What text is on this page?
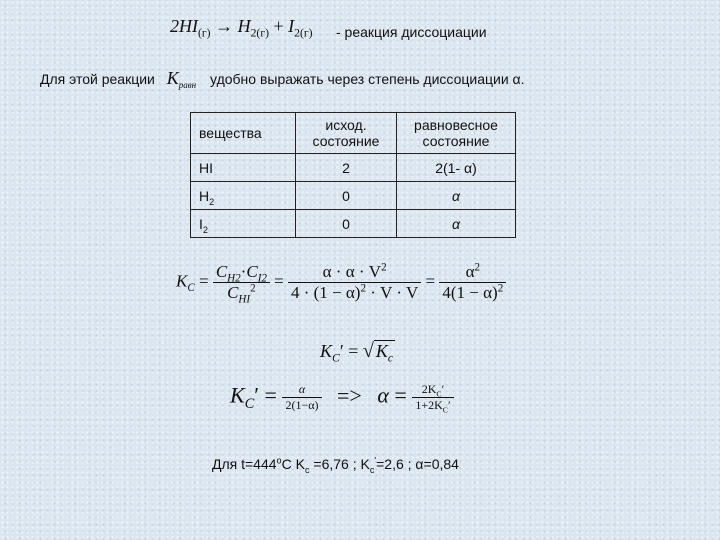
$2HI_{(г)} \to H_{2(г)} + I_{2(г)}$ - реакция диссоциации
Для этой реакции $K_{равн}$ удобно выражать через степень диссоциации α.
вещества	исход. состояние	равновесное состояние
HI	2	2(1- α)
$H_2$	0	α
$I_2$	0	α
$K_C = \frac{C_{H2}\cdot C_{I2}}{C_{HI}^2} = \frac{\alpha \cdot \alpha \cdot V^2}{4 \cdot (1 - \alpha)^2 \cdot V \cdot V} = \frac{\alpha^2}{4(1 - \alpha)^2}$
$K_C'$ = √ $K_c$
$K_C' = \frac{\alpha}{2(1-\alpha)} => \alpha = \frac{2K_C'}{1+2K_C'}$
Для $t=444^oC$ $K_c =6,76$ ; $K_c'=2,6$ ; α=0,84
